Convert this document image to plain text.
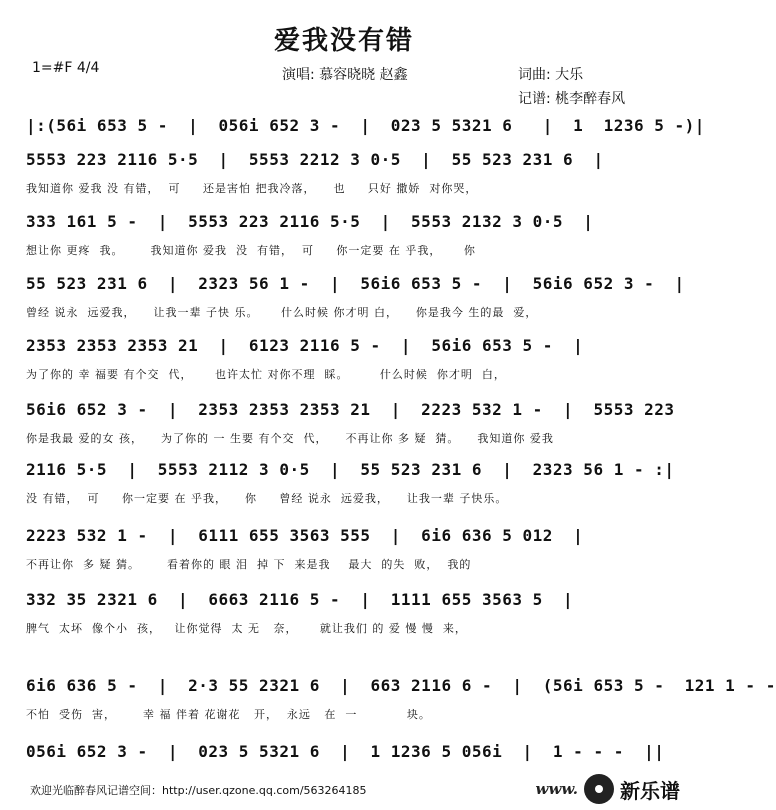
爱我没有错
1=#F 4/4	演唱: 慕容晓晓 赵鑫	词曲: 大乐
记谱: 桃李醉春风
|:(56i 653 5 -  |  056i 652 3 -  |  023 5 5321 6   |  1  1236 5 -)|
5553 223 2116 5·5  |  5553 2212 3 0·5  |  55 523 231 6  |
我知道你 爱我 没 有错，  可     还是害怕 把我冷落，    也     只好 撒娇  对你哭，
333 161 5 -  |  5553 223 2116 5·5  |  5553 2132 3 0·5  |
想让你 更疼  我。      我知道你 爱我  没  有错，  可     你一定要 在 乎我，     你
55 523 231 6  |  2323 56 1 -  |  56i6 653 5 -  |  56i6 652 3 -  |
曾经 说永  远爱我，    让我一辈 子快 乐。     什么时候 你才明 白，    你是我今 生的最  爱，
2353 2353 2353 21  |  6123 2116 5 -  |  56i6 653 5 -  |
为了你的 幸 福要 有个交  代，     也许太忙 对你不理  睬。       什么时候  你才明  白，
56i6 652 3 -  |  2353 2353 2353 21  |  2223 532 1 -  |  5553 223
你是我最 爱的女 孩，    为了你的 一 生要 有个交  代，    不再让你 多 疑  猜。    我知道你 爱我
2116 5·5  |  5553 2112 3 0·5  |  55 523 231 6  |  2323 56 1 - :|
没 有错，  可     你一定要 在 乎我，    你     曾经 说永  远爱我，    让我一辈 子快乐。
2223 532 1 -  |  6111 655 3563 555  |  6i6 636 5 012  |
不再让你  多 疑 猜。      看着你的 眼 泪  掉 下  来是我    最大  的失  败，  我的
332 35 2321 6  |  6663 2116 5 -  |  1111 655 3563 5  |
脾气  太坏  像个小  孩，   让你觉得  太 无   奈，     就让我们 的 爱 慢 慢  来，
6i6 636 5 -  |  2·3 55 2321 6  |  663 2116 6 -  |  (56i 653 5 -  121 1 - -
不怕  受伤  害，      幸 福 伴着 花谢花   开，  永远   在  一           块。
056i 652 3 -  |  023 5 5321 6  |  1 1236 5 056i  |  1 - - -  ||
欢迎光临醉春风记谱空间：http://user.qzone.qq.com/563264185	www. 新乐谱
